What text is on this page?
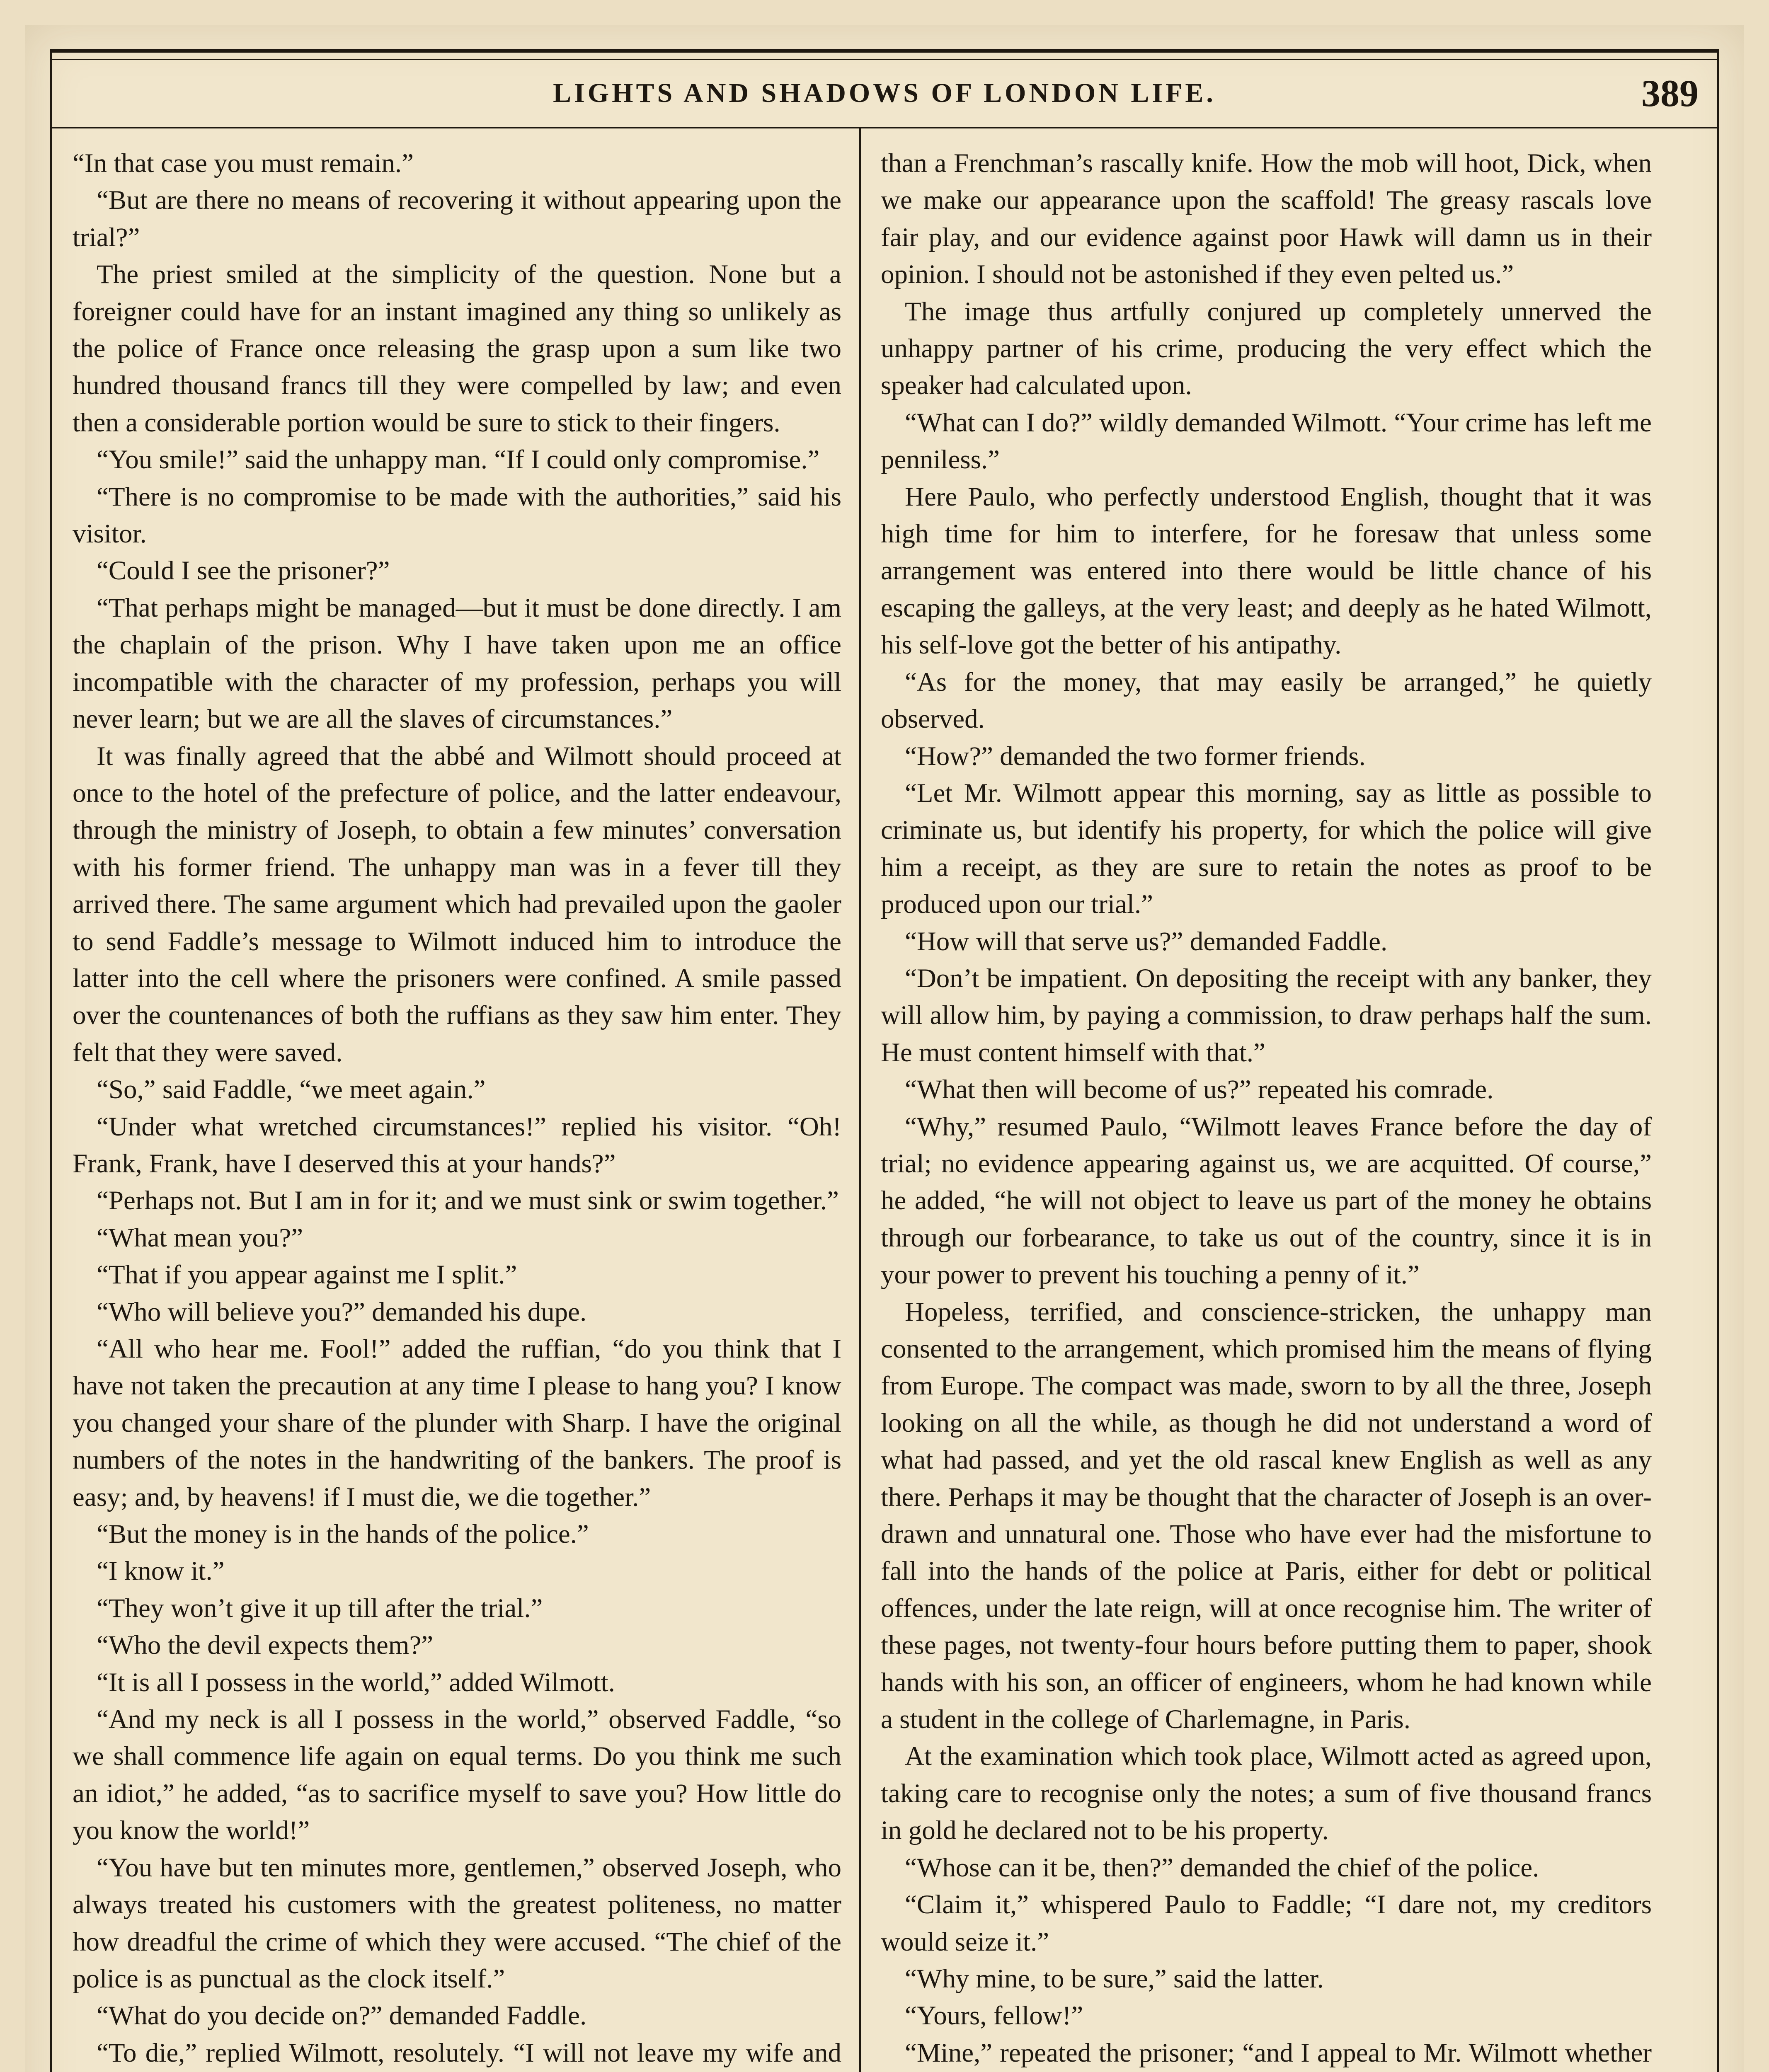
LIGHTS AND SHADOWS OF LONDON LIFE.	389

“In that case you must remain.”

“But are there no means of recovering it without appearing upon the trial?”

The priest smiled at the simplicity of the question. None but a foreigner could have for an instant imagined any thing so unlikely as the police of France once releasing the grasp upon a sum like two hundred thousand francs till they were compelled by law; and even then a considerable portion would be sure to stick to their fingers.

“You smile!” said the unhappy man. “If I could only compromise.”

“There is no compromise to be made with the authorities,” said his visitor.

“Could I see the prisoner?”

“That perhaps might be managed—but it must be done directly. I am the chaplain of the prison. Why I have taken upon me an office incompatible with the character of my profession, perhaps you will never learn; but we are all the slaves of circumstances.”

It was finally agreed that the abbé and Wilmott should proceed at once to the hotel of the prefecture of police, and the latter endeavour, through the ministry of Joseph, to obtain a few minutes’ conversation with his former friend. The unhappy man was in a fever till they arrived there. The same argument which had prevailed upon the gaoler to send Faddle’s message to Wilmott induced him to introduce the latter into the cell where the prisoners were confined. A smile passed over the countenances of both the ruffians as they saw him enter. They felt that they were saved.

“So,” said Faddle, “we meet again.”

“Under what wretched circumstances!” replied his visitor. “Oh! Frank, Frank, have I deserved this at your hands?”

“Perhaps not. But I am in for it; and we must sink or swim together.”

“What mean you?”

“That if you appear against me I split.”

“Who will believe you?” demanded his dupe.

“All who hear me. Fool!” added the ruffian, “do you think that I have not taken the precaution at any time I please to hang you? I know you changed your share of the plunder with Sharp. I have the original numbers of the notes in the handwriting of the bankers. The proof is easy; and, by heavens! if I must die, we die together.”

“But the money is in the hands of the police.”

“I know it.”

“They won’t give it up till after the trial.”

“Who the devil expects them?”

“It is all I possess in the world,” added Wilmott.

“And my neck is all I possess in the world,” observed Faddle, “so we shall commence life again on equal terms. Do you think me such an idiot,” he added, “as to sacrifice myself to save you? How little do you know the world!”

“You have but ten minutes more, gentlemen,” observed Joseph, who always treated his customers with the greatest politeness, no matter how dreadful the crime of which they were accused. “The chief of the police is as punctual as the clock itself.”

“What do you decide on?” demanded Faddle.

“To die,” replied Wilmott, resolutely. “I will not leave my wife and

than a Frenchman’s rascally knife. How the mob will hoot, Dick, when we make our appearance upon the scaffold! The greasy rascals love fair play, and our evidence against poor Hawk will damn us in their opinion. I should not be astonished if they even pelted us.”

The image thus artfully conjured up completely unnerved the unhappy partner of his crime, producing the very effect which the speaker had calculated upon.

“What can I do?” wildly demanded Wilmott. “Your crime has left me penniless.”

Here Paulo, who perfectly understood English, thought that it was high time for him to interfere, for he foresaw that unless some arrangement was entered into there would be little chance of his escaping the galleys, at the very least; and deeply as he hated Wilmott, his self-love got the better of his antipathy.

“As for the money, that may easily be arranged,” he quietly observed.

“How?” demanded the two former friends.

“Let Mr. Wilmott appear this morning, say as little as possible to criminate us, but identify his property, for which the police will give him a receipt, as they are sure to retain the notes as proof to be produced upon our trial.”

“How will that serve us?” demanded Faddle.

“Don’t be impatient. On depositing the receipt with any banker, they will allow him, by paying a commission, to draw perhaps half the sum. He must content himself with that.”

“What then will become of us?” repeated his comrade.

“Why,” resumed Paulo, “Wilmott leaves France before the day of trial; no evidence appearing against us, we are acquitted. Of course,” he added, “he will not object to leave us part of the money he obtains through our forbearance, to take us out of the country, since it is in your power to prevent his touching a penny of it.”

Hopeless, terrified, and conscience-stricken, the unhappy man consented to the arrangement, which promised him the means of flying from Europe. The compact was made, sworn to by all the three, Joseph looking on all the while, as though he did not understand a word of what had passed, and yet the old rascal knew English as well as any there. Perhaps it may be thought that the character of Joseph is an over-drawn and unnatural one. Those who have ever had the misfortune to fall into the hands of the police at Paris, either for debt or political offences, under the late reign, will at once recognise him. The writer of these pages, not twenty-four hours before putting them to paper, shook hands with his son, an officer of engineers, whom he had known while a student in the college of Charlemagne, in Paris.

At the examination which took place, Wilmott acted as agreed upon, taking care to recognise only the notes; a sum of five thousand francs in gold he declared not to be his property.

“Whose can it be, then?” demanded the chief of the police.

“Claim it,” whispered Paulo to Faddle; “I dare not, my creditors would seize it.”

“Why mine, to be sure,” said the latter.

“Yours, fellow!”

“Mine,” repeated the prisoner; “and I appeal to Mr. Wilmott whether
